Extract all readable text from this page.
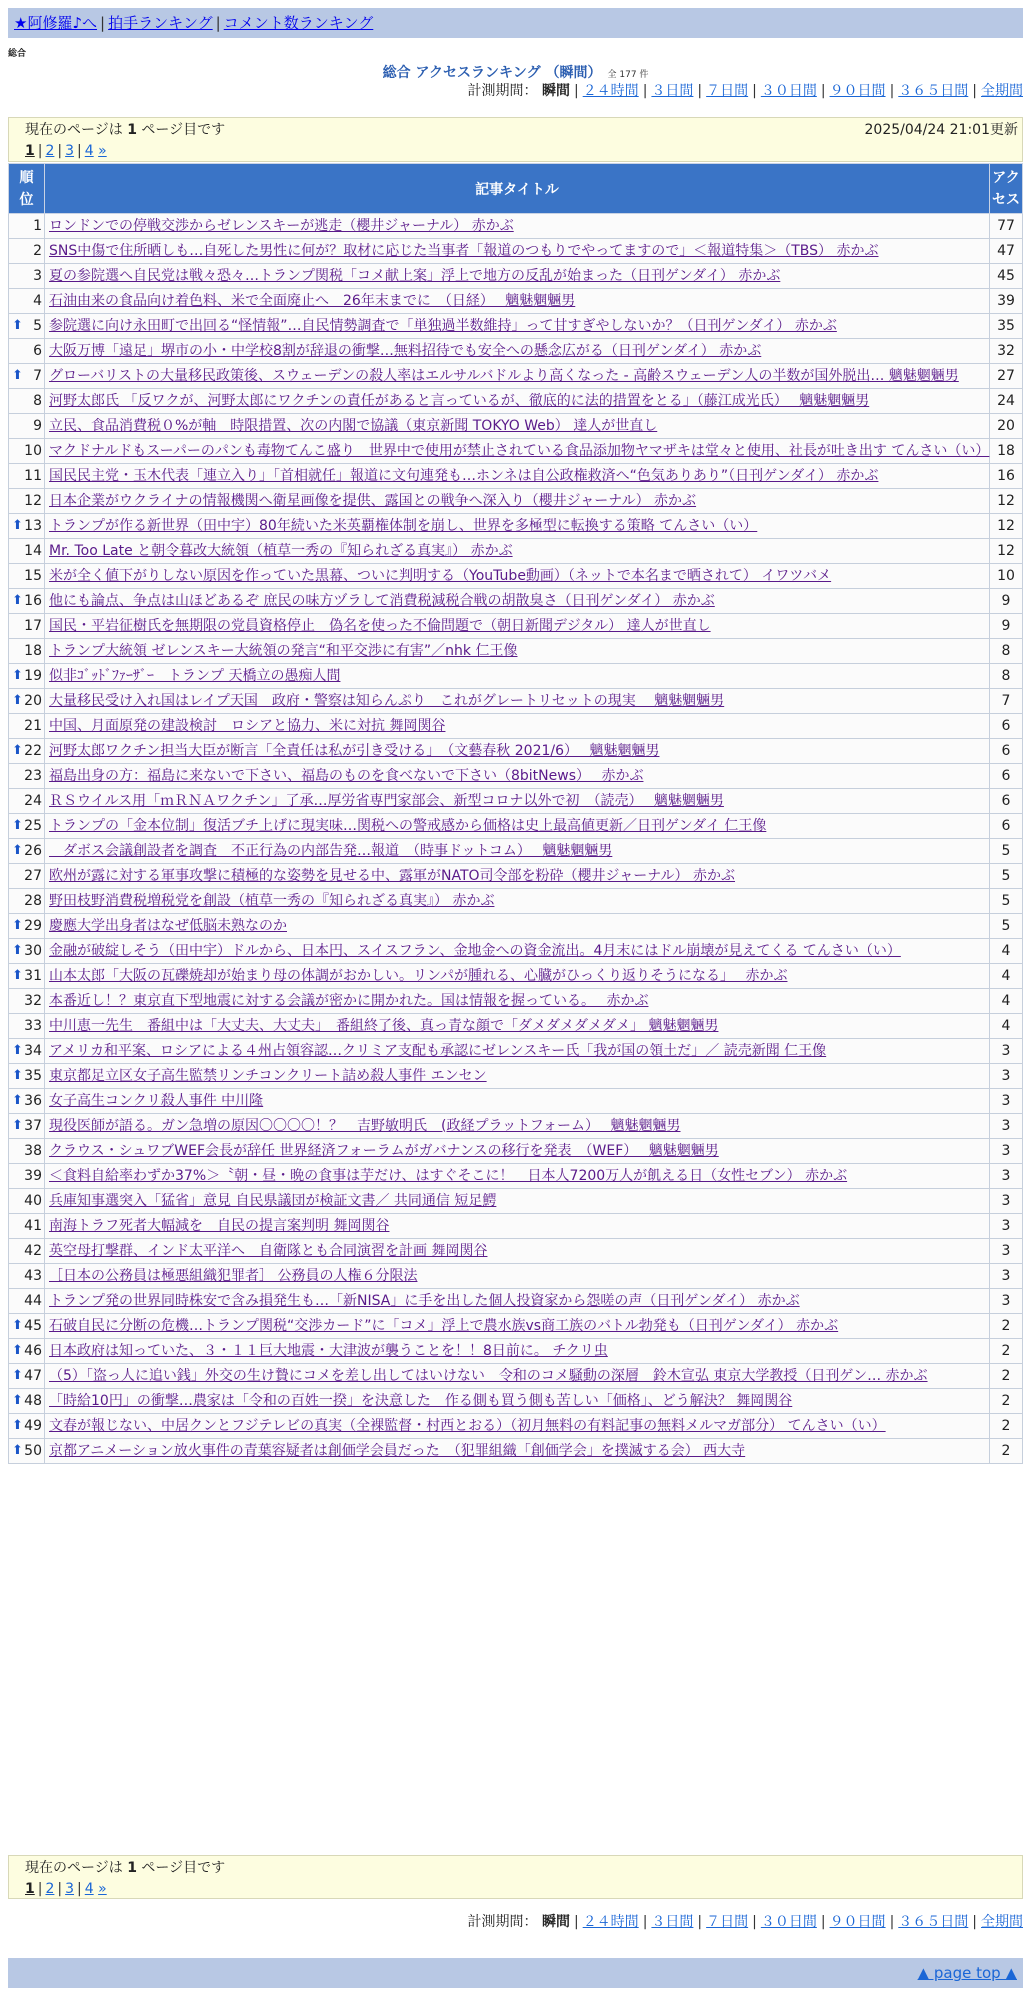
★阿修羅♪へ | 拍手ランキング | コメント数ランキング
総合
総合 アクセスランキング （瞬間） 全 177 件
計測期間： 瞬間 | ２４時間 | ３日間 | ７日間 | ３０日間 | ９０日間 | ３６５日間 | 全期間
現在のページは 1 ページ目です	2025/04/24 21:01更新
1 | 2 | 3 | 4 »
順位	記事タイトル	アクセス
1	ロンドンでの停戦交渉からゼレンスキーが逃走（櫻井ジャーナル） 赤かぶ	77
2	SNS中傷で住所晒しも…自死した男性に何が？取材に応じた当事者「報道のつもりでやってますので」＜報道特集＞（TBS） 赤かぶ	47
3	夏の参院選へ自民党は戦々恐々…トランプ関税「コメ献上案」浮上で地方の反乱が始まった（日刊ゲンダイ） 赤かぶ	45
4	石油由来の食品向け着色料、米で全面廃止へ　26年末までに　（日経）　 魑魅魍魎男	39

⬆ 5	参院選に向け永田町で出回る“怪情報”…自民情勢調査で「単独過半数維持」って甘すぎやしないか？（日刊ゲンダイ） 赤かぶ	35
6	大阪万博「遠足」堺市の小・中学校8割が辞退の衝撃…無料招待でも安全への懸念広がる（日刊ゲンダイ） 赤かぶ	32

⬆ 7	グローバリストの大量移民政策後、スウェーデンの殺人率はエルサルバドルより高くなった - 高齢スウェーデン人の半数が国外脱出… 魑魅魍魎男	27
8	河野太郎氏 「反ワクが、河野太郎にワクチンの責任があると言っているが、徹底的に法的措置をとる」（藤江成光氏）　 魑魅魍魎男	24
9	立民、食品消費税０%が軸　時限措置、次の内閣で協議（東京新聞 TOKYO Web） 達人が世直し	20
10	マクドナルドもスーパーのパンも毒物てんこ盛り　世界中で使用が禁止されている食品添加物ヤマザキは堂々と使用、社長が吐き出す てんさい（い）	18
11	国民民主党・玉木代表「連立入り」「首相就任」報道に文句連発も…ホンネは自公政権救済へ“色気ありあり”（日刊ゲンダイ） 赤かぶ	16
12	日本企業がウクライナの情報機関へ衛星画像を提供、露国との戦争へ深入り（櫻井ジャーナル） 赤かぶ	12

⬆ 13	トランプが作る新世界（田中宇）80年続いた米英覇権体制を崩し、世界を多極型に転換する策略 てんさい（い）	12
14	Mr. Too Late と朝令暮改大統領（植草一秀の『知られざる真実』） 赤かぶ	12
15	米が全く値下がりしない原因を作っていた黒幕、ついに判明する（YouTube動画）（ネットで本名まで晒されて） イワツバメ	10

⬆ 16	他にも論点、争点は山ほどあるぞ 庶民の味方ヅラして消費税減税合戦の胡散臭さ（日刊ゲンダイ） 赤かぶ	9
17	国民・平岩征樹氏を無期限の党員資格停止　偽名を使った不倫問題で（朝日新聞デジタル） 達人が世直し	9
18	トランプ大統領 ゼレンスキー大統領の発言“和平交渉に有害”／nhk 仁王像	8

⬆ 19	似非ｺﾞｯﾄﾞﾌｧｰｻﾞｰ　トランプ 天橋立の愚痴人間	8

⬆ 20	大量移民受け入れ国はレイプ天国　政府・警察は知らんぷり　これがグレートリセットの現実　 魑魅魍魎男	7
21	中国、月面原発の建設検討　ロシアと協力、米に対抗 舞岡関谷	6

⬆ 22	河野太郎ワクチン担当大臣が断言「全責任は私が引き受ける」　（文藝春秋 2021/6）　 魑魅魍魎男	6
23	福島出身の方：福島に来ないで下さい、福島のものを食べないで下さい（8bitNews）　 赤かぶ	6
24	ＲＳウイルス用「ｍＲＮＡワクチン」了承…厚労省専門家部会、新型コロナ以外で初　（読売）　 魑魅魍魎男	6

⬆ 25	トランプの「金本位制」復活ブチ上げに現実味…関税への警戒感から価格は史上最高値更新／日刊ゲンダイ 仁王像	6

⬆ 26	　ダボス会議創設者を調査　不正行為の内部告発…報道　（時事ドットコム）　 魑魅魍魎男	5
27	欧州が露に対する軍事攻撃に積極的な姿勢を見せる中、露軍がNATO司令部を粉砕（櫻井ジャーナル） 赤かぶ	5
28	野田枝野消費税増税党を創設（植草一秀の『知られざる真実』） 赤かぶ	5

⬆ 29	慶應大学出身者はなぜ低脳未熟なのか	5

⬆ 30	金融が破綻しそう（田中宇）ドルから、日本円、スイスフラン、金地金への資金流出。4月末にはドル崩壊が見えてくる てんさい（い）	4

⬆ 31	山本太郎「大阪の瓦礫焼却が始まり母の体調がおかしい。リンパが腫れる、心臓がひっくり返りそうになる」　 赤かぶ	4
32	本番近し！？東京直下型地震に対する会議が密かに開かれた。国は情報を握っている。　 赤かぶ	4
33	中川恵一先生　番組中は「大丈夫、大丈夫」　番組終了後、真っ青な顔で「ダメダメダメダメ」 魑魅魍魎男	4

⬆ 34	アメリカ和平案、ロシアによる４州占領容認…クリミア支配も承認にゼレンスキー氏「我が国の領土だ」／ 読売新聞 仁王像	3

⬆ 35	東京都足立区女子高生監禁リンチコンクリート詰め殺人事件 エンセン	3

⬆ 36	女子高生コンクリ殺人事件 中川隆	3

⬆ 37	現役医師が語る。ガン急増の原因〇〇〇〇！？　吉野敏明氏　(政経プラットフォーム）　 魑魅魍魎男	3
38	クラウス・シュワブWEF会長が辞任 世界経済フォーラムがガバナンスの移行を発表　（WEF）　 魑魅魍魎男	3
39	＜食料自給率わずか37%＞〝朝・昼・晩の食事は芋だけ、はすぐそこに！　日本人7200万人が飢える日（女性セブン） 赤かぶ	3
40	兵庫知事選突入「猛省」意見 自民県議団が検証文書／ 共同通信 短足鰐	3
41	南海トラフ死者大幅減を　自民の提言案判明 舞岡関谷	3
42	英空母打撃群、インド太平洋へ　自衛隊とも合同演習を計画 舞岡関谷	3
43	［日本の公務員は極悪組織犯罪者］ 公務員の人権６分限法	3
44	トランプ発の世界同時株安で含み損発生も…「新NISA」に手を出した個人投資家から怨嗟の声（日刊ゲンダイ） 赤かぶ	3

⬆ 45	石破自民に分断の危機…トランプ関税“交渉カード”に「コメ」浮上で農水族vs商工族のバトル勃発も（日刊ゲンダイ） 赤かぶ	2

⬆ 46	日本政府は知っていた、３・１１巨大地震・大津波が襲うことを！！8日前に。 チクリ虫	2

⬆ 47	（5）「盗っ人に追い銭」外交の生け贄にコメを差し出してはいけない　令和のコメ騒動の深層　鈴木宣弘 東京大学教授（日刊ゲン… 赤かぶ	2

⬆ 48	「時給10円」の衝撃…農家は「令和の百姓一揆」を決意した　作る側も買う側も苦しい「価格」、どう解決？ 舞岡関谷	2

⬆ 49	文春が報じない、中居クンとフジテレビの真実（全裸監督・村西とおる）（初月無料の有料記事の無料メルマガ部分） てんさい（い）	2

⬆ 50	京都アニメーション放火事件の青葉容疑者は創価学会員だった　（犯罪組織「創価学会」を撲滅する会） 西大寺	2
現在のページは 1 ページ目です
1 | 2 | 3 | 4 »
計測期間： 瞬間 | ２４時間 | ３日間 | ７日間 | ３０日間 | ９０日間 | ３６５日間 | 全期間
▲ page top ▲
